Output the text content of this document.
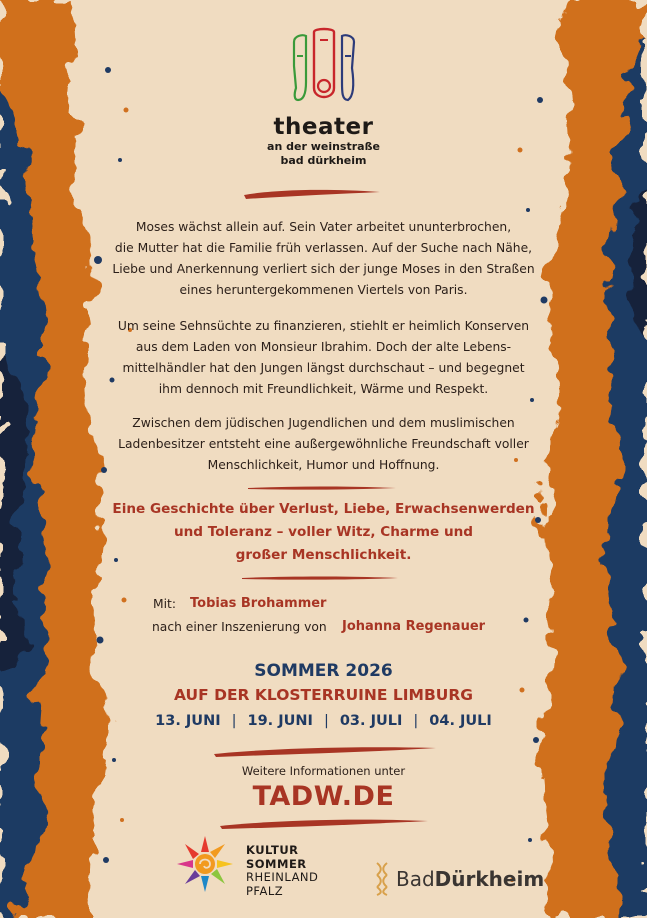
theater
an der weinstraße
bad dürkheim
Moses wächst allein auf. Sein Vater arbeitet ununterbrochen,
die Mutter hat die Familie früh verlassen. Auf der Suche nach Nähe,
Liebe und Anerkennung verliert sich der junge Moses in den Straßen
eines heruntergekommenen Viertels von Paris.
Um seine Sehnsüchte zu finanzieren, stiehlt er heimlich Konserven
aus dem Laden von Monsieur Ibrahim. Doch der alte Lebens-
mittelhändler hat den Jungen längst durchschaut – und begegnet
ihm dennoch mit Freundlichkeit, Wärme und Respekt.
Zwischen dem jüdischen Jugendlichen und dem muslimischen
Ladenbesitzer entsteht eine außergewöhnliche Freundschaft voller
Menschlichkeit, Humor und Hoffnung.
Eine Geschichte über Verlust, Liebe, Erwachsenwerden
und Toleranz – voller Witz, Charme und
großer Menschlichkeit.
Mit: Tobias Brohammer
nach einer Inszenierung von Johanna Regenauer
SOMMER 2026
AUF DER KLOSTERRUINE LIMBURG
13. JUNI | 19. JUNI | 03. JULI | 04. JULI
Weitere Informationen unter
TADW.DE
KULTUR
SOMMER
RHEINLAND
PFALZ	BadDürkheim
